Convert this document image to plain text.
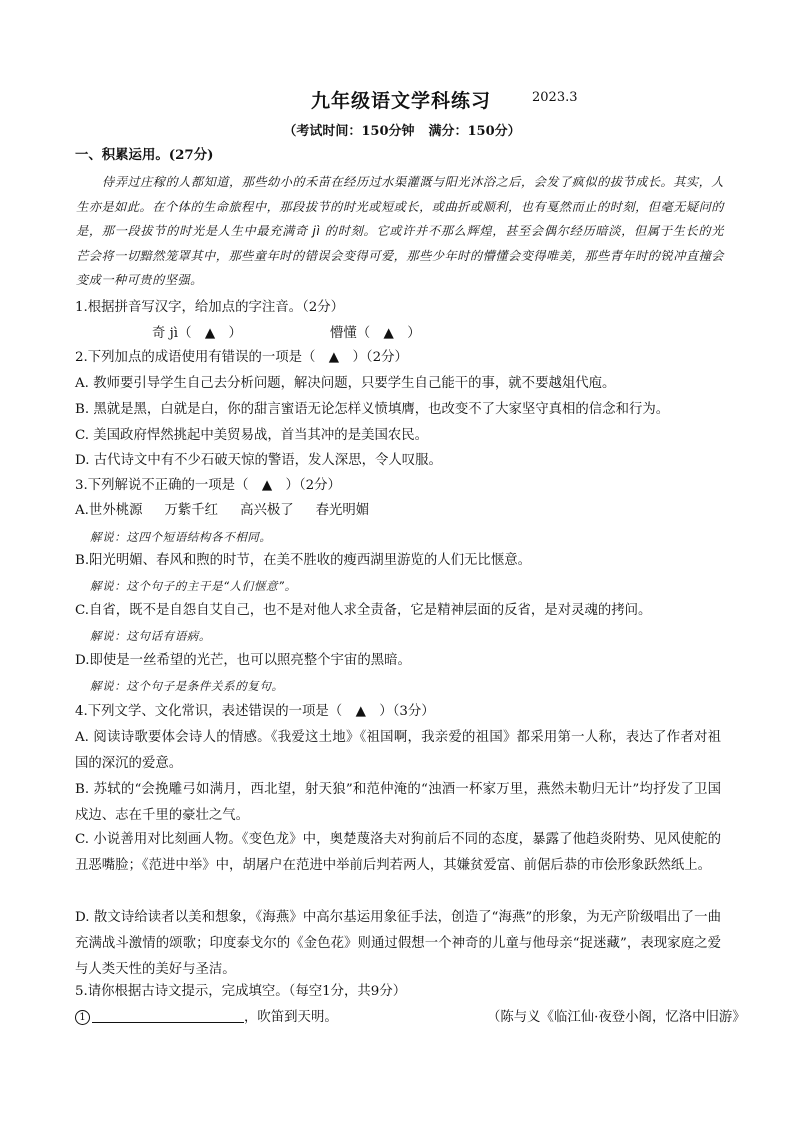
九年级语文学科练习	2023.3
（考试时间：150分钟 满分：150分）
一、积累运用。(27分)

侍弄过庄稼的人都知道，那些幼小的禾苗在经历过水渠灌溉与阳光沐浴之后，会发了疯似的拔节成长。其实，人生亦是如此。在个体的生命旅程中，那段拔节的时光或短或长，或曲折或顺利，也有戛然而止的时刻，但毫无疑问的是，那一段拔节的时光是人生中最充满奇 jì 的时刻。它或许并不那么辉煌，甚至会偶尔经历暗淡，但属于生长的光芒会将一切黯然笼罩其中，那些童年时的错误会变得可爱，那些少年时的懵懂会变得唯美，那些青年时的锐冲直撞会变成一种可贵的坚强。

1.根据拼音写汉字，给加点的字注音。（2分）
奇 jì（　▲　）	懵懂（　▲　）
2.下列加点的成语使用有错误的一项是（　▲　）（2分）
A. 教师要引导学生自己去分析问题，解决问题，只要学生自己能干的事，就不要越俎代庖。
B. 黑就是黑，白就是白，你的甜言蜜语无论怎样义愤填膺，也改变不了大家坚守真相的信念和行为。
C. 美国政府悍然挑起中美贸易战，首当其冲的是美国农民。
D. 古代诗文中有不少石破天惊的警语，发人深思，令人叹服。
3.下列解说不正确的一项是（　▲　）（2分）
A.世外桃源 万紫千红 高兴极了 春光明媚
解说：这四个短语结构各不相同。
B.阳光明媚、春风和煦的时节，在美不胜收的瘦西湖里游览的人们无比惬意。
解说：这个句子的主干是“人们惬意”。
C.自省，既不是自怨自艾自己，也不是对他人求全责备，它是精神层面的反省，是对灵魂的拷问。
解说：这句话有语病。
D.即使是一丝希望的光芒，也可以照亮整个宇宙的黑暗。
解说：这个句子是条件关系的复句。
4.下列文学、文化常识，表述错误的一项是（　▲　）（3分）
A. 阅读诗歌要体会诗人的情感。《我爱这土地》《祖国啊，我亲爱的祖国》都采用第一人称，表达了作者对祖国的深沉的爱意。
B. 苏轼的“会挽雕弓如满月，西北望，射天狼”和范仲淹的“浊酒一杯家万里，燕然未勒归无计”均抒发了卫国戍边、志在千里的豪壮之气。
C. 小说善用对比刻画人物。《变色龙》中，奥楚蔑洛夫对狗前后不同的态度，暴露了他趋炎附势、见风使舵的丑恶嘴脸；《范进中举》中，胡屠户在范进中举前后判若两人，其嫌贫爱富、前倨后恭的市侩形象跃然纸上。
D. 散文诗给读者以美和想象，《海燕》中高尔基运用象征手法，创造了“海燕”的形象，为无产阶级唱出了一曲充满战斗激情的颂歌；印度泰戈尔的《金色花》则通过假想一个神奇的儿童与他母亲“捉迷藏”，表现家庭之爱与人类天性的美好与圣洁。
5.请你根据古诗文提示，完成填空。（每空1分，共9分）
1	，吹笛到天明。	（陈与义《临江仙·夜登小阁，忆洛中旧游》
